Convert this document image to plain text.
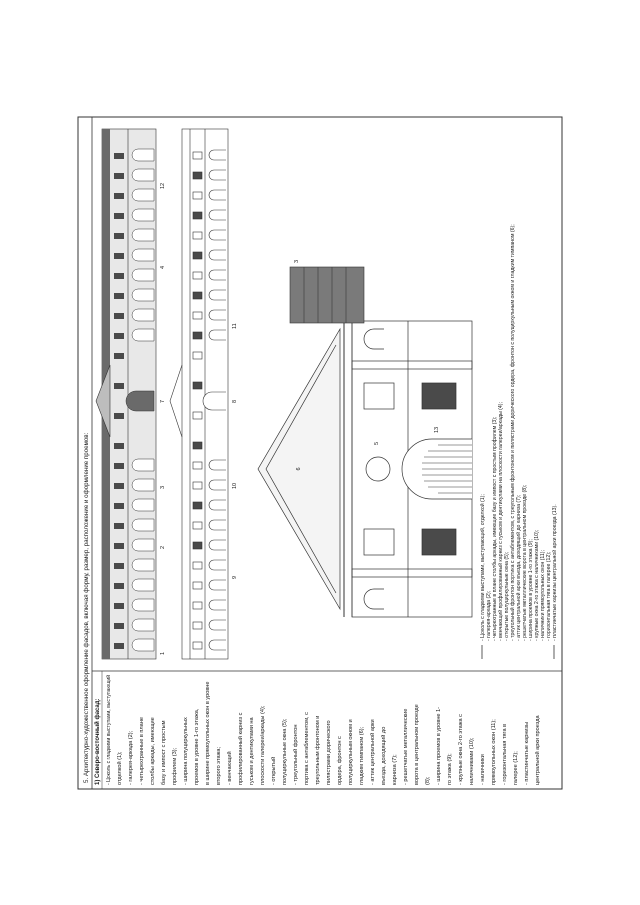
5. Архитектурно-художественное оформление фасадов, включая форму, размер, расположение и оформление проемов: 1) Северо-восточный фасад: - Цоколь с гладкими выступами, выступающий отделкой (1); - галерея-аркада (2); - четырехгранные в плане столбы аркады, имеющие базу и импост с простым профилем (3); - ширина полуциркульных проемов в уровне 1-го этажа, в ширине прямоугольных окон в уровне второго этажа; - венчающий профилированный карниз с гуськом и дентикулами на плоскости галереи/аркады (4); - открытый полуциркульные окна (5); - треугольный фронтон портика с антаблементом, с треугольным фронтоном и пилястрами дорического ордера, фронтон с полуциркульным окном и гладким тимпаном (6); - аттик центральной арки въезда, доходящий до карниза (7); - решетчатые металлические ворота в центральном проезде (8); - ширина проемов в уровне 1- го этажа (9); - крупные окна 2-го этажа с наличниками (10); - наличники прямоугольных окон (11); - горизонтальная тяга в галерее (12); - пластинчатые карнизы центральной арки проезда
1
2
3
7
4
12
9
10
11
8
6
5
13
3
- Цоколь с гладкими выступами, выступающий, отделкой (1); - галерея-аркада (2); - четырехгранные в плане столбы аркады, имеющие базу и импост с простым профилем (3); - венчающий профилированный карниз с гуськом и дентикулами на плоскости галереи/аркады (4); - открытые полуциркульные окна (5); - треугольный фронтон портика с антаблементом, с треугольным фронтоном и пилястрами дорического ордера, фронтон с полуциркульным окном и гладким тимпаном (6); - аттик центральной арки въезда, доходящий до карниза (7); - решетчатые металлические ворота в центральном проезде (8); - ширина проемов в уровне 1-го этажа (9); - крупные окна 2-го этажа с наличниками (10); - наличники прямоугольных окон (11); - горизонтальная тяга в галерее (12); - пластинчатые карнизы центральной арки проезда (13).
